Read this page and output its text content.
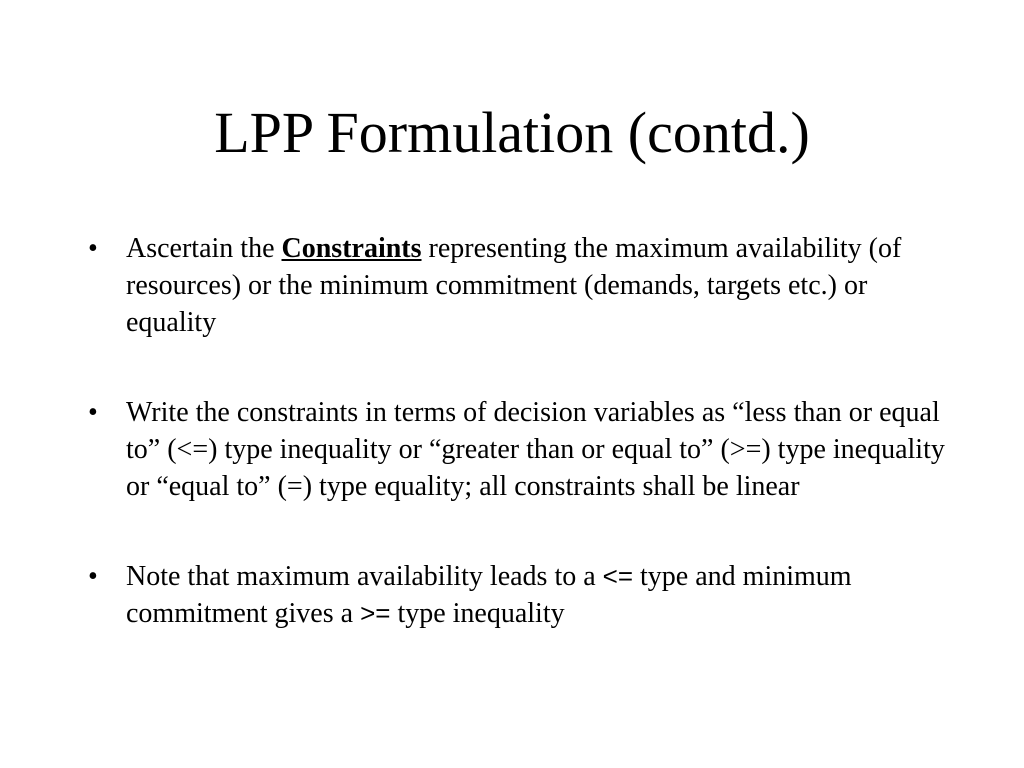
LPP Formulation (contd.)
•	Ascertain the Constraints representing the maximum availability (of resources) or the minimum commitment (demands, targets etc.) or equality
•	Write the constraints in terms of decision variables as “less than or equal to” (<=) type inequality or “greater than or equal to” (>=) type inequality or “equal to” (=) type equality; all constraints shall be linear
•	Note that maximum availability leads to a <= type and minimum commitment gives a >= type inequality
